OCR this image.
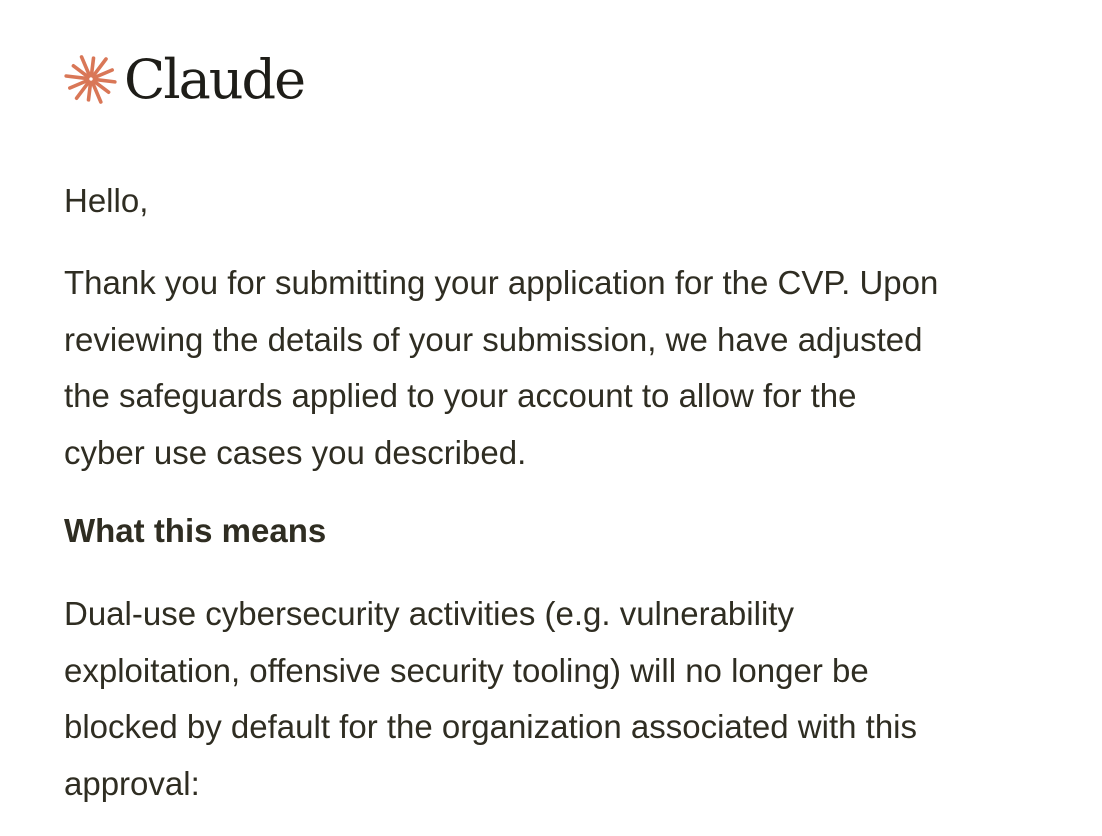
Claude

Hello,

Thank you for submitting your application for the CVP. Upon
reviewing the details of your submission, we have adjusted
the safeguards applied to your account to allow for the
cyber use cases you described.

What this means

Dual-use cybersecurity activities (e.g. vulnerability
exploitation, offensive security tooling) will no longer be
blocked by default for the organization associated with this
approval:
